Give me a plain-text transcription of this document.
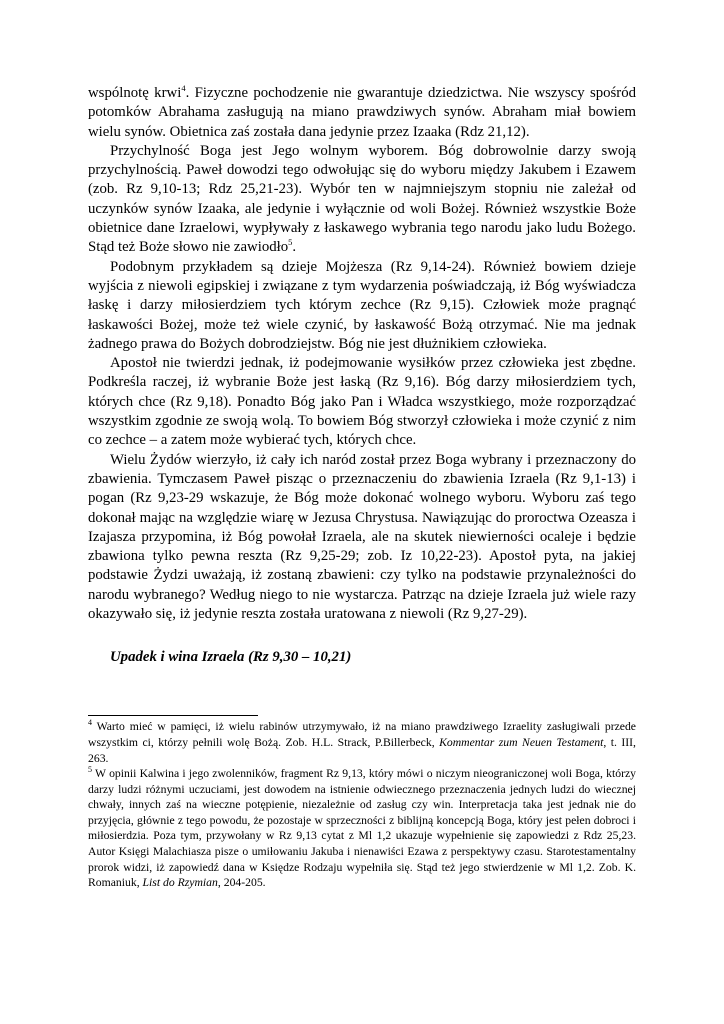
wspólnotę krwi$^4$. Fizyczne pochodzenie nie gwarantuje dziedzictwa. Nie wszyscy spośród potomków Abrahama zasługują na miano prawdziwych synów. Abraham miał bowiem wielu synów. Obietnica zaś została dana jedynie przez Izaaka (Rdz 21,12).

Przychylność Boga jest Jego wolnym wyborem. Bóg dobrowolnie darzy swoją przychylnością. Paweł dowodzi tego odwołując się do wyboru między Jakubem i Ezawem (zob. Rz 9,10-13; Rdz 25,21-23). Wybór ten w najmniejszym stopniu nie zależał od uczynków synów Izaaka, ale jedynie i wyłącznie od woli Bożej. Również wszystkie Boże obietnice dane Izraelowi, wypływały z łaskawego wybrania tego narodu jako ludu Bożego. Stąd też Boże słowo nie zawiodło$^5$.

Podobnym przykładem są dzieje Mojżesza (Rz 9,14-24). Również bowiem dzieje wyjścia z niewoli egipskiej i związane z tym wydarzenia poświadczają, iż Bóg wyświadcza łaskę i darzy miłosierdziem tych którym zechce (Rz 9,15). Człowiek może pragnąć łaskawości Bożej, może też wiele czynić, by łaskawość Bożą otrzymać. Nie ma jednak żadnego prawa do Bożych dobrodziejstw. Bóg nie jest dłużnikiem człowieka.

Apostoł nie twierdzi jednak, iż podejmowanie wysiłków przez człowieka jest zbędne. Podkreśla raczej, iż wybranie Boże jest łaską (Rz 9,16). Bóg darzy miłosierdziem tych, których chce (Rz 9,18). Ponadto Bóg jako Pan i Władca wszystkiego, może rozporządzać wszystkim zgodnie ze swoją wolą. To bowiem Bóg stworzył człowieka i może czynić z nim co zechce – a zatem może wybierać tych, których chce.

Wielu Żydów wierzyło, iż cały ich naród został przez Boga wybrany i przeznaczony do zbawienia. Tymczasem Paweł pisząc o przeznaczeniu do zbawienia Izraela (Rz 9,1-13) i pogan (Rz 9,23-29 wskazuje, że Bóg może dokonać wolnego wyboru. Wyboru zaś tego dokonał mając na względzie wiarę w Jezusa Chrystusa. Nawiązując do proroctwa Ozeasza i Izajasza przypomina, iż Bóg powołał Izraela, ale na skutek niewierności ocaleje i będzie zbawiona tylko pewna reszta (Rz 9,25-29; zob. Iz 10,22-23). Apostoł pyta, na jakiej podstawie Żydzi uważają, iż zostaną zbawieni: czy tylko na podstawie przynależności do narodu wybranego? Według niego to nie wystarcza. Patrząc na dzieje Izraela już wiele razy okazywało się, iż jedynie reszta została uratowana z niewoli (Rz 9,27-29).

Upadek i wina Izraela (Rz 9,30 – 10,21)

$^4$ Warto mieć w pamięci, iż wielu rabinów utrzymywało, iż na miano prawdziwego Izraelity zasługiwali przede wszystkim ci, którzy pełnili wolę Bożą. Zob. H.L. Strack, P.Billerbeck, Kommentar zum Neuen Testament, t. III, 263.

$^5$ W opinii Kalwina i jego zwolenników, fragment Rz 9,13, który mówi o niczym nieograniczonej woli Boga, którzy darzy ludzi różnymi uczuciami, jest dowodem na istnienie odwiecznego przeznaczenia jednych ludzi do wiecznej chwały, innych zaś na wieczne potępienie, niezależnie od zasług czy win. Interpretacja taka jest jednak nie do przyjęcia, głównie z tego powodu, że pozostaje w sprzeczności z biblijną koncepcją Boga, który jest pełen dobroci i miłosierdzia. Poza tym, przywołany w Rz 9,13 cytat z Ml 1,2 ukazuje wypełnienie się zapowiedzi z Rdz 25,23. Autor Księgi Malachiasza pisze o umiłowaniu Jakuba i nienawiści Ezawa z perspektywy czasu. Starotestamentalny prorok widzi, iż zapowiedź dana w Księdze Rodzaju wypełniła się. Stąd też jego stwierdzenie w Ml 1,2. Zob. K. Romaniuk, List do Rzymian, 204-205.
